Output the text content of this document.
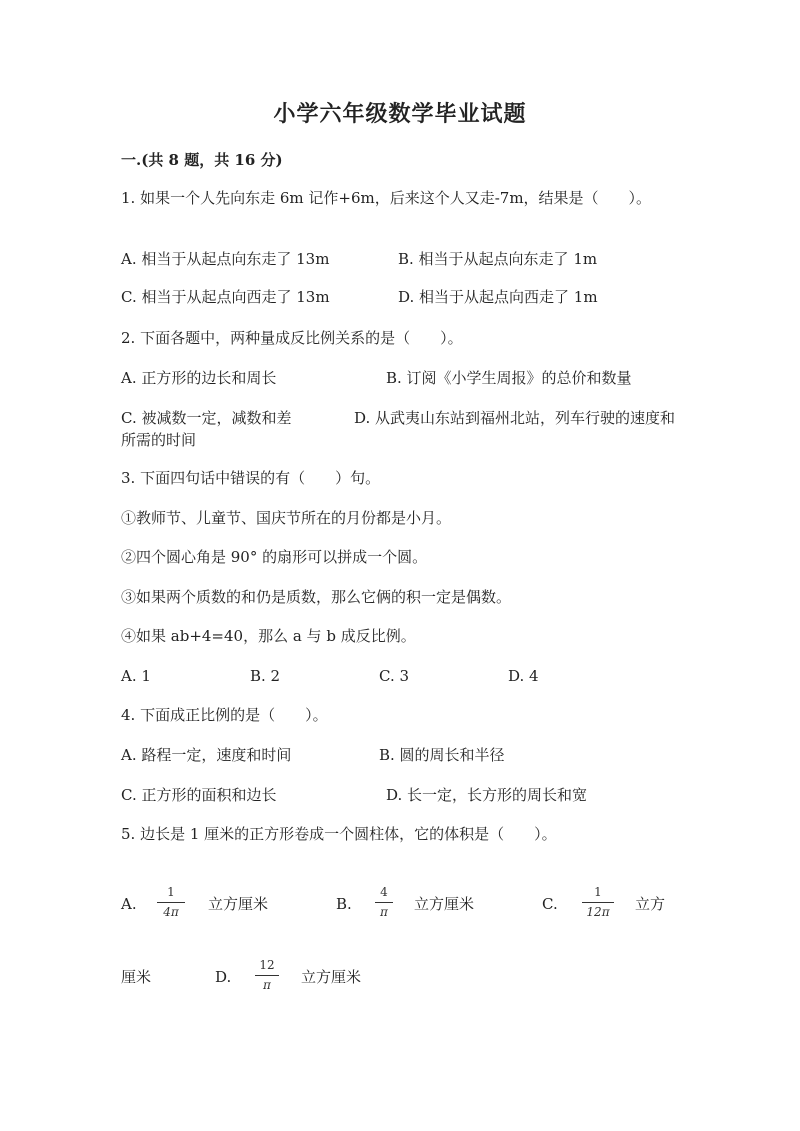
小学六年级数学毕业试题
一.(共 8 题，共 16 分)
1. 如果一个人先向东走 6m 记作+6m，后来这个人又走-7m，结果是（　　）。
A. 相当于从起点向东走了 13m	B. 相当于从起点向东走了 1m
C. 相当于从起点向西走了 13m	D. 相当于从起点向西走了 1m
2. 下面各题中，两种量成反比例关系的是（　　）。
A. 正方形的边长和周长	B. 订阅《小学生周报》的总价和数量
C. 被减数一定，减数和差	D. 从武夷山东站到福州北站，列车行驶的速度和所需的时间
3. 下面四句话中错误的有（　　）句。
①教师节、儿童节、国庆节所在的月份都是小月。
②四个圆心角是 90° 的扇形可以拼成一个圆。
③如果两个质数的和仍是质数，那么它俩的积一定是偶数。
④如果 ab+4=40，那么 a 与 b 成反比例。
A. 1	B. 2	C. 3	D. 4
4. 下面成正比例的是（　　）。
A. 路程一定，速度和时间	B. 圆的周长和半径
C. 正方形的面积和边长	D. 长一定，长方形的周长和宽
5. 边长是 1 厘米的正方形卷成一个圆柱体，它的体积是（　　）。
A.
1
4π 立方厘米	B.
4
π 立方厘米	C.
1
12π 立方
厘米	D.
12
π 立方厘米
